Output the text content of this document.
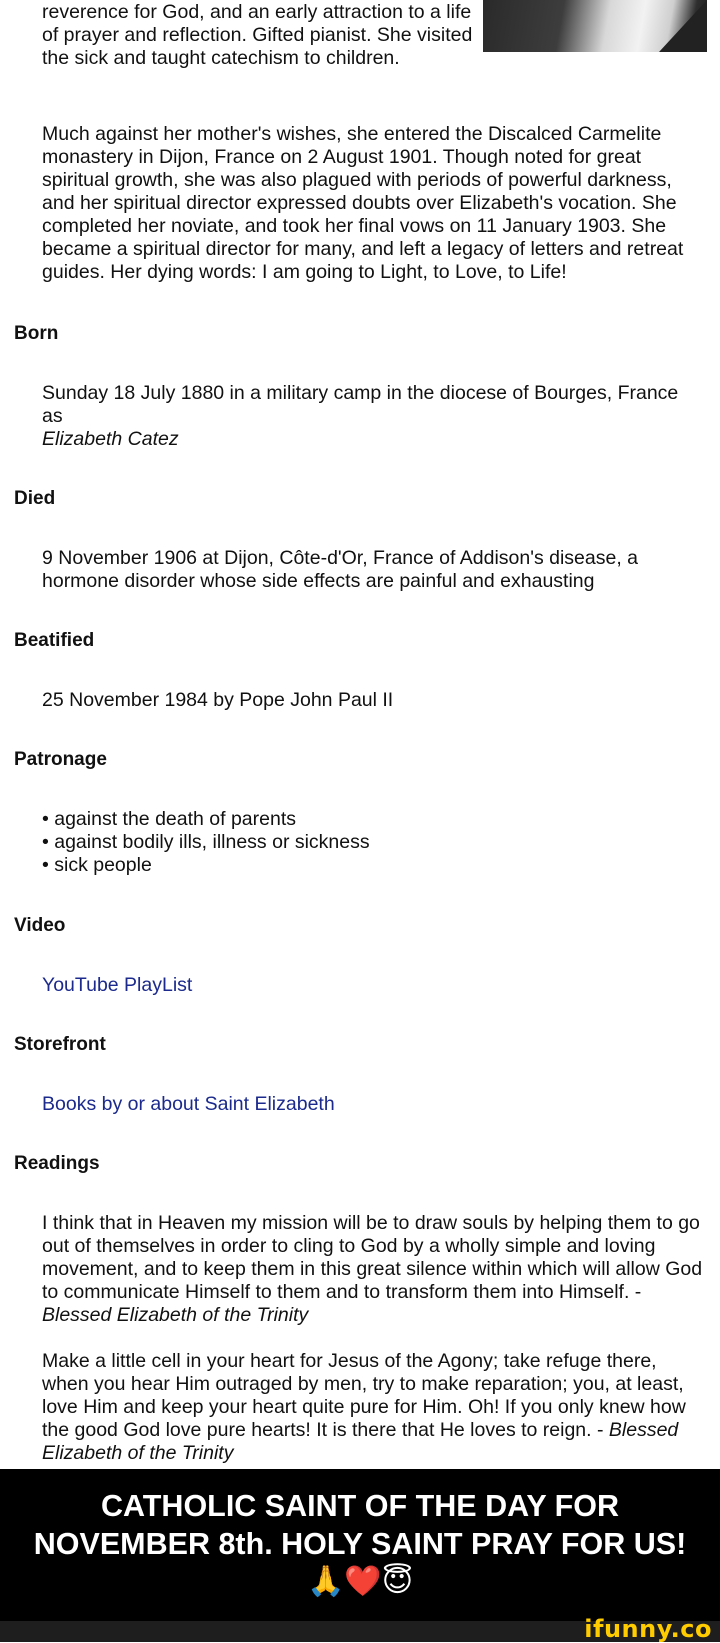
reverence for God, and an early attraction to a life
of prayer and reflection. Gifted pianist. She visited
the sick and taught catechism to children.

Much against her mother's wishes, she entered the Discalced Carmelite monastery in Dijon, France on 2 August 1901. Though noted for great spiritual growth, she was also plagued with periods of powerful darkness, and her spiritual director expressed doubts over Elizabeth's vocation. She completed her noviate, and took her final vows on 11 January 1903. She became a spiritual director for many, and left a legacy of letters and retreat guides. Her dying words: I am going to Light, to Love, to Life!

Born

Sunday 18 July 1880 in a military camp in the diocese of Bourges, France as
Elizabeth Catez

Died

9 November 1906 at Dijon, Côte-d'Or, France of Addison's disease, a hormone disorder whose side effects are painful and exhausting

Beatified

25 November 1984 by Pope John Paul II

Patronage

• against the death of parents

• against bodily ills, illness or sickness

• sick people

Video

YouTube PlayList

Storefront

Books by or about Saint Elizabeth

Readings

I think that in Heaven my mission will be to draw souls by helping them to go out of themselves in order to cling to God by a wholly simple and loving movement, and to keep them in this great silence within which will allow God to communicate Himself to them and to transform them into Himself. -
Blessed Elizabeth of the Trinity

Make a little cell in your heart for Jesus of the Agony; take refuge there, when you hear Him outraged by men, try to make reparation; you, at least, love Him and keep your heart quite pure for Him. Oh! If you only knew how the good God love pure hearts! It is there that He loves to reign. - Blessed
Elizabeth of the Trinity

CATHOLIC SAINT OF THE DAY FOR
NOVEMBER 8th. HOLY SAINT PRAY FOR US!
🙏❤️😇
ifunny.co
